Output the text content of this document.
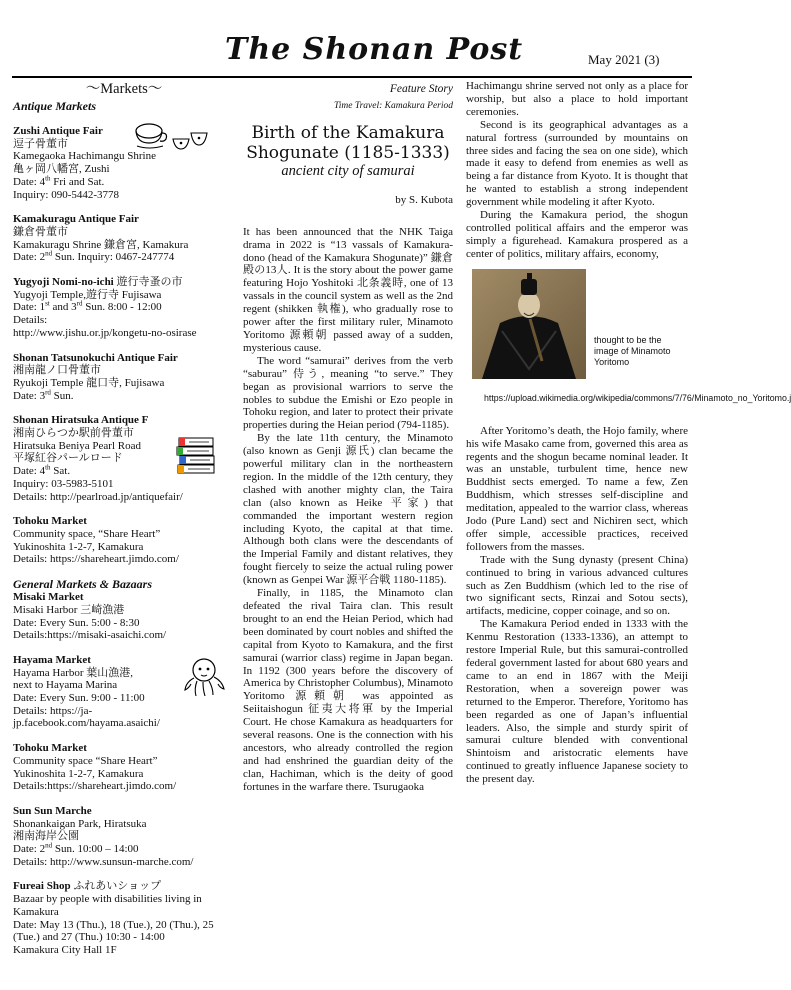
The Shonan Post	May 2021 (3)
〜Markets〜
Antique Markets
Zushi Antique Fair
逗子骨董市
Kamegaoka Hachimangu Shrine
亀ヶ岡八幡宮, Zushi
Date: 4th Fri and Sat.
Inquiry: 090-5442-3778
Kamakuragu Antique Fair
鎌倉骨董市
Kamakuragu Shrine 鎌倉宮, Kamakura
Date: 2nd Sun. Inquiry: 0467-247774
Yugyoji Nomi-no-ichi 遊行寺蚤の市
Yugyoji Temple,遊行寺 Fujisawa
Date: 1st and 3rd Sun. 8:00 - 12:00
Details:
http://www.jishu.or.jp/kongetu-no-osirase
Shonan Tatsunokuchi Antique Fair
湘南龍ノ口骨董市
Ryukoji Temple 龍口寺, Fujisawa
Date: 3rd Sun.
Shonan Hiratsuka Antique F
湘南ひらつか駅前骨董市
Hiratsuka Beniya Pearl Road
平塚紅谷パールロード
Date: 4th Sat.
Inquiry: 03-5983-5101
Details: http://pearlroad.jp/antiquefair/
Tohoku Market
Community space, “Share Heart”
Yukinoshita 1-2-7, Kamakura
Details: https://shareheart.jimdo.com/
General Markets & Bazaars
Misaki Market
Misaki Harbor 三崎漁港
Date: Every Sun. 5:00 - 8:30
Details:https://misaki-asaichi.com/
Hayama Market
Hayama Harbor 葉山漁港,
next to Hayama Marina
Date: Every Sun. 9:00 - 11:00
Details: https://ja-
jp.facebook.com/hayama.asaichi/
Tohoku Market
Community space “Share Heart”
Yukinoshita 1-2-7, Kamakura
Details:https://shareheart.jimdo.com/
Sun Sun Marche
Shonankaigan Park, Hiratsuka
湘南海岸公園
Date: 2nd Sun. 10:00 – 14:00
Details: http://www.sunsun-marche.com/
Fureai Shop ふれあいショップ
Bazaar by people with disabilities living in Kamakura
Date: May 13 (Thu.), 18 (Tue.), 20 (Thu.), 25 (Tue.) and 27 (Thu.) 10:30 - 14:00
Kamakura City Hall 1F
Feature Story
Time Travel: Kamakura Period
Birth of the Kamakura
Shogunate (1185-1333)
ancient city of samurai
by S. Kubota

It has been announced that the NHK Taiga drama in 2022 is “13 vassals of Kamakura-dono (head of the Kamakura Shogunate)” 鎌倉殿の13人. It is the story about the power game featuring Hojo Yoshitoki 北条義時, one of 13 vassals in the council system as well as the 2nd regent (shikken 執権), who gradually rose to power after the first military ruler, Minamoto Yoritomo 源頼朝 passed away of a sudden, mysterious cause.

The word “samurai” derives from the verb “saburau” 侍う, meaning “to serve.” They began as provisional warriors to serve the nobles to subdue the Emishi or Ezo people in Tohoku region, and later to protect their private properties during the Heian period (794-1185).

By the late 11th century, the Minamoto (also known as Genji 源氏) clan became the powerful military clan in the northeastern region. In the middle of the 12th century, they clashed with another mighty clan, the Taira clan (also known as Heike 平家) that commanded the important western region including Kyoto, the capital at that time. Although both clans were the descendants of the Imperial Family and distant relatives, they fought fiercely to seize the actual ruling power (known as Genpei War 源平合戦 1180-1185).

Finally, in 1185, the Minamoto clan defeated the rival Taira clan. This result brought to an end the Heian Period, which had been dominated by court nobles and shifted the capital from Kyoto to Kamakura, and the first samurai (warrior class) regime in Japan began. In 1192 (300 years before the discovery of America by Christopher Columbus), Minamoto Yoritomo 源頼朝 was appointed as Seiitaishogun 征夷大将軍 by the Imperial Court. He chose Kamakura as headquarters for several reasons. One is the connection with his ancestors, who already controlled the region and had enshrined the guardian deity of the clan, Hachiman, which is the deity of good fortunes in the warfare there. Tsurugaoka

Hachimangu shrine served not only as a place for worship, but also a place to hold important ceremonies.

Second is its geographical advantages as a natural fortress (surrounded by mountains on three sides and facing the sea on one side), which made it easy to defend from enemies as well as being a far distance from Kyoto. It is thought that he wanted to establish a strong independent government while modeling it after Kyoto.

During the Kamakura period, the shogun controlled political affairs and the emperor was simply a figurehead. Kamakura prospered as a center of politics, military affairs, economy,

thought to be the image of Minamoto Yoritomo
https://upload.wikimedia.org/wikipedia/commons/7/76/Minamoto_no_Yoritomo.j

After Yoritomo’s death, the Hojo family, where his wife Masako came from, governed this area as regents and the shogun became nominal leader. It was an unstable, turbulent time, hence new Buddhist sects emerged. To name a few, Zen Buddhism, which stresses self-discipline and meditation, appealed to the warrior class, whereas Jodo (Pure Land) sect and Nichiren sect, which offer simple, accessible practices, received followers from the masses.

Trade with the Sung dynasty (present China) continued to bring in various advanced cultures such as Zen Buddhism (which led to the rise of two significant sects, Rinzai and Sotou sects), artifacts, medicine, copper coinage, and so on.

The Kamakura Period ended in 1333 with the Kenmu Restoration (1333-1336), an attempt to restore Imperial Rule, but this samurai-controlled federal government lasted for about 680 years and came to an end in 1867 with the Meiji Restoration, when a sovereign power was returned to the Emperor. Therefore, Yoritomo has been regarded as one of Japan’s influential leaders. Also, the simple and sturdy spirit of samurai culture blended with conventional Shintoism and aristocratic elements have continued to greatly influence Japanese society to the present day.
